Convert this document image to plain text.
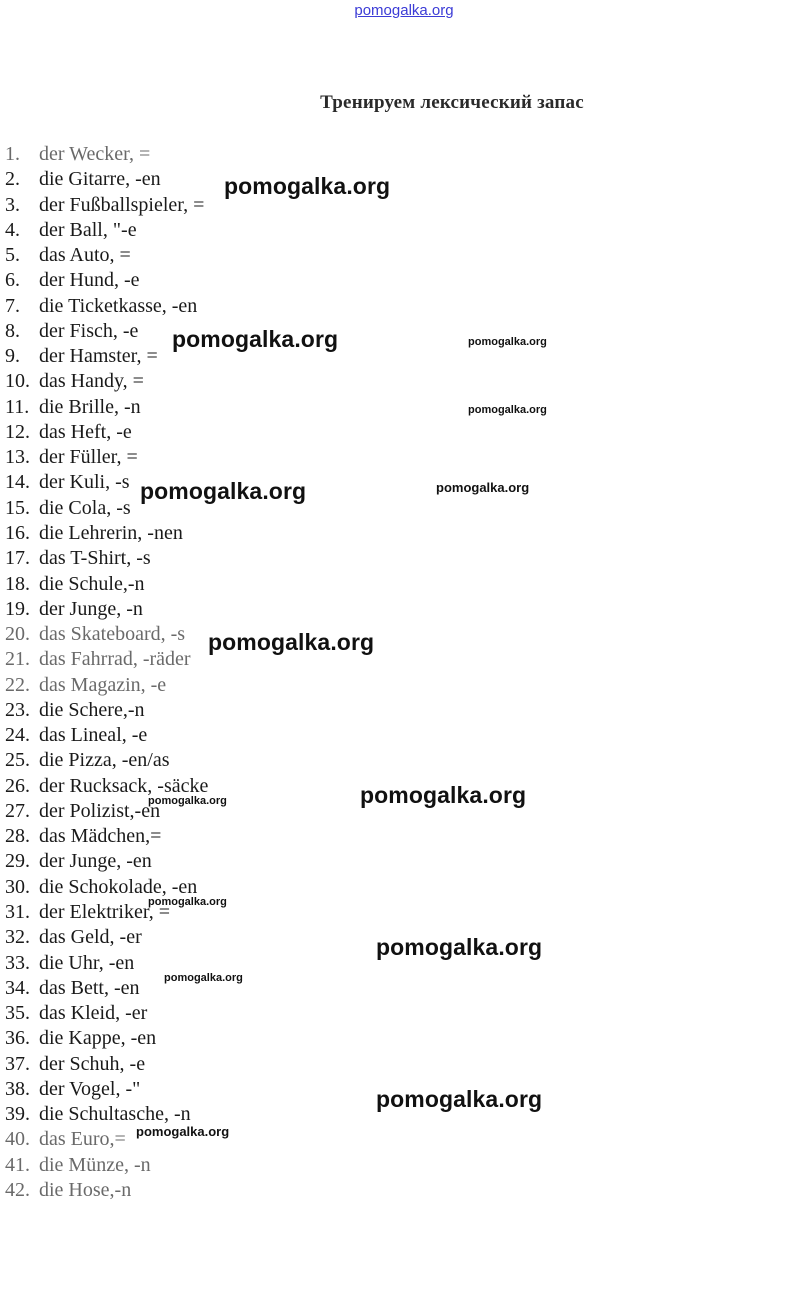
pomogalka.org
Тренируем лексический запас
1. der Wecker, =
2. die Gitarre, -en
3. der Fußballspieler, =
4. der Ball, "-e
5. das Auto, =
6. der Hund, -e
7. die Ticketkasse, -en
8. der Fisch, -e
9. der Hamster, =
10. das Handy, =
11. die Brille, -n
12. das Heft, -e
13. der Füller, =
14. der Kuli, -s
15. die Cola, -s
16. die Lehrerin, -nen
17. das T-Shirt, -s
18. die Schule,-n
19. der Junge, -n
20. das Skateboard, -s
21. das Fahrrad, -räder
22. das Magazin, -e
23. die Schere,-n
24. das Lineal, -e
25. die Pizza, -en/as
26. der Rucksack, -säcke
27. der Polizist,-en
28. das Mädchen,=
29. der Junge, -en
30. die Schokolade, -en
31. der Elektriker, =
32. das Geld, -er
33. die Uhr, -en
34. das Bett, -en
35. das Kleid, -er
36. die Kappe, -en
37. der Schuh, -e
38. der Vogel, -"
39. die Schultasche, -n
40. das Euro,=
41. die Münze, -n
42. die Hose,-n
pomogalka.org
pomogalka.org	pomogalka.org
pomogalka.org
pomogalka.org	pomogalka.org
pomogalka.org
pomogalka.org
pomogalka.org
pomogalka.org
pomogalka.org
pomogalka.org
pomogalka.org
pomogalka.org
